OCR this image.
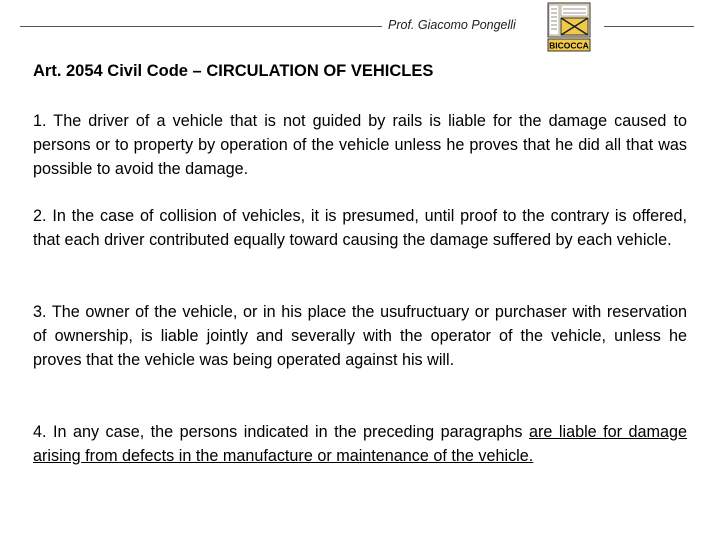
Prof. Giacomo Pongelli
BICOCCA
Art. 2054 Civil Code – CIRCULATION OF VEHICLES
1. The driver of a vehicle that is not guided by rails is liable for the damage caused to persons or to property by operation of the vehicle unless he proves that he did all that was possible to avoid the damage.
2. In the case of collision of vehicles, it is presumed, until proof to the contrary is offered, that each driver contributed equally toward causing the damage suffered by each vehicle.
3. The owner of the vehicle, or in his place the usufructuary or purchaser with reservation of ownership, is liable jointly and severally with the operator of the vehicle, unless he proves that the vehicle was being operated against his will.
4. In any case, the persons indicated in the preceding paragraphs are liable for damage arising from defects in the manufacture or maintenance of the vehicle.
